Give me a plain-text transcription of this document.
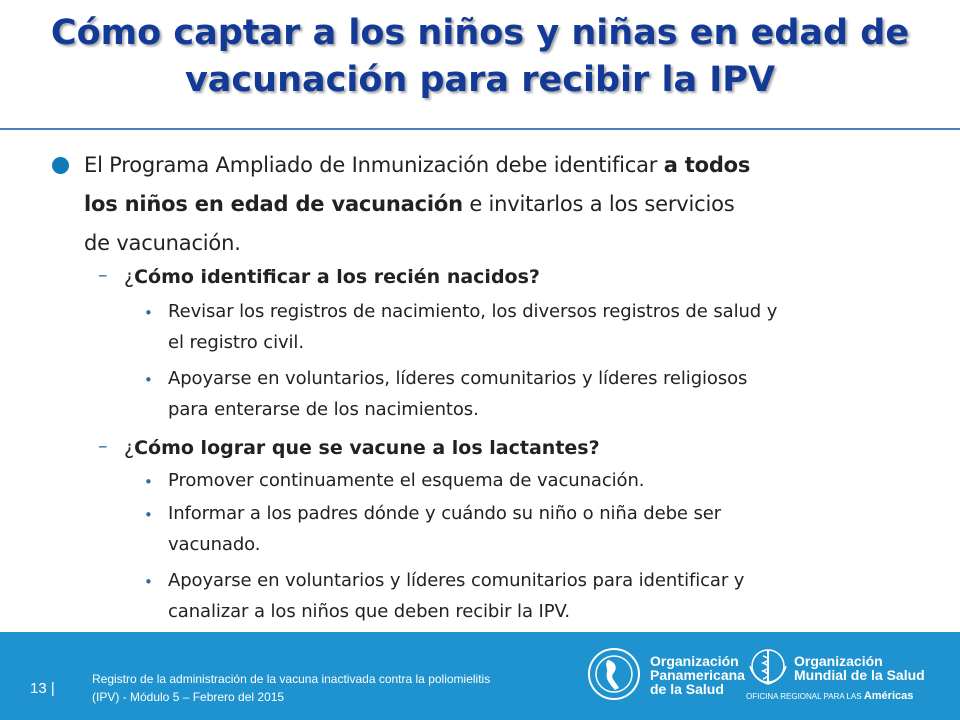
Cómo captar a los niños y niñas en edad de
vacunación para recibir la IPV
El Programa Ampliado de Inmunización debe identificar a todos
los niños en edad de vacunación e invitarlos a los servicios
de vacunación.
– ¿Cómo identificar a los recién nacidos?
• Revisar los registros de nacimiento, los diversos registros de salud y
el registro civil.
• Apoyarse en voluntarios, líderes comunitarios y líderes religiosos
para enterarse de los nacimientos.
– ¿Cómo lograr que se vacune a los lactantes?
• Promover continuamente el esquema de vacunación.
• Informar a los padres dónde y cuándo su niño o niña debe ser
vacunado.
• Apoyarse en voluntarios y líderes comunitarios para identificar y
canalizar a los niños que deben recibir la IPV.
13 |
Registro de la administración de la vacuna inactivada contra la poliomielitis
(IPV) - Módulo 5 – Febrero del 2015
Organización
Panamericana
de la Salud
Organización
Mundial de la Salud
OFICINA REGIONAL PARA LAS Américas
